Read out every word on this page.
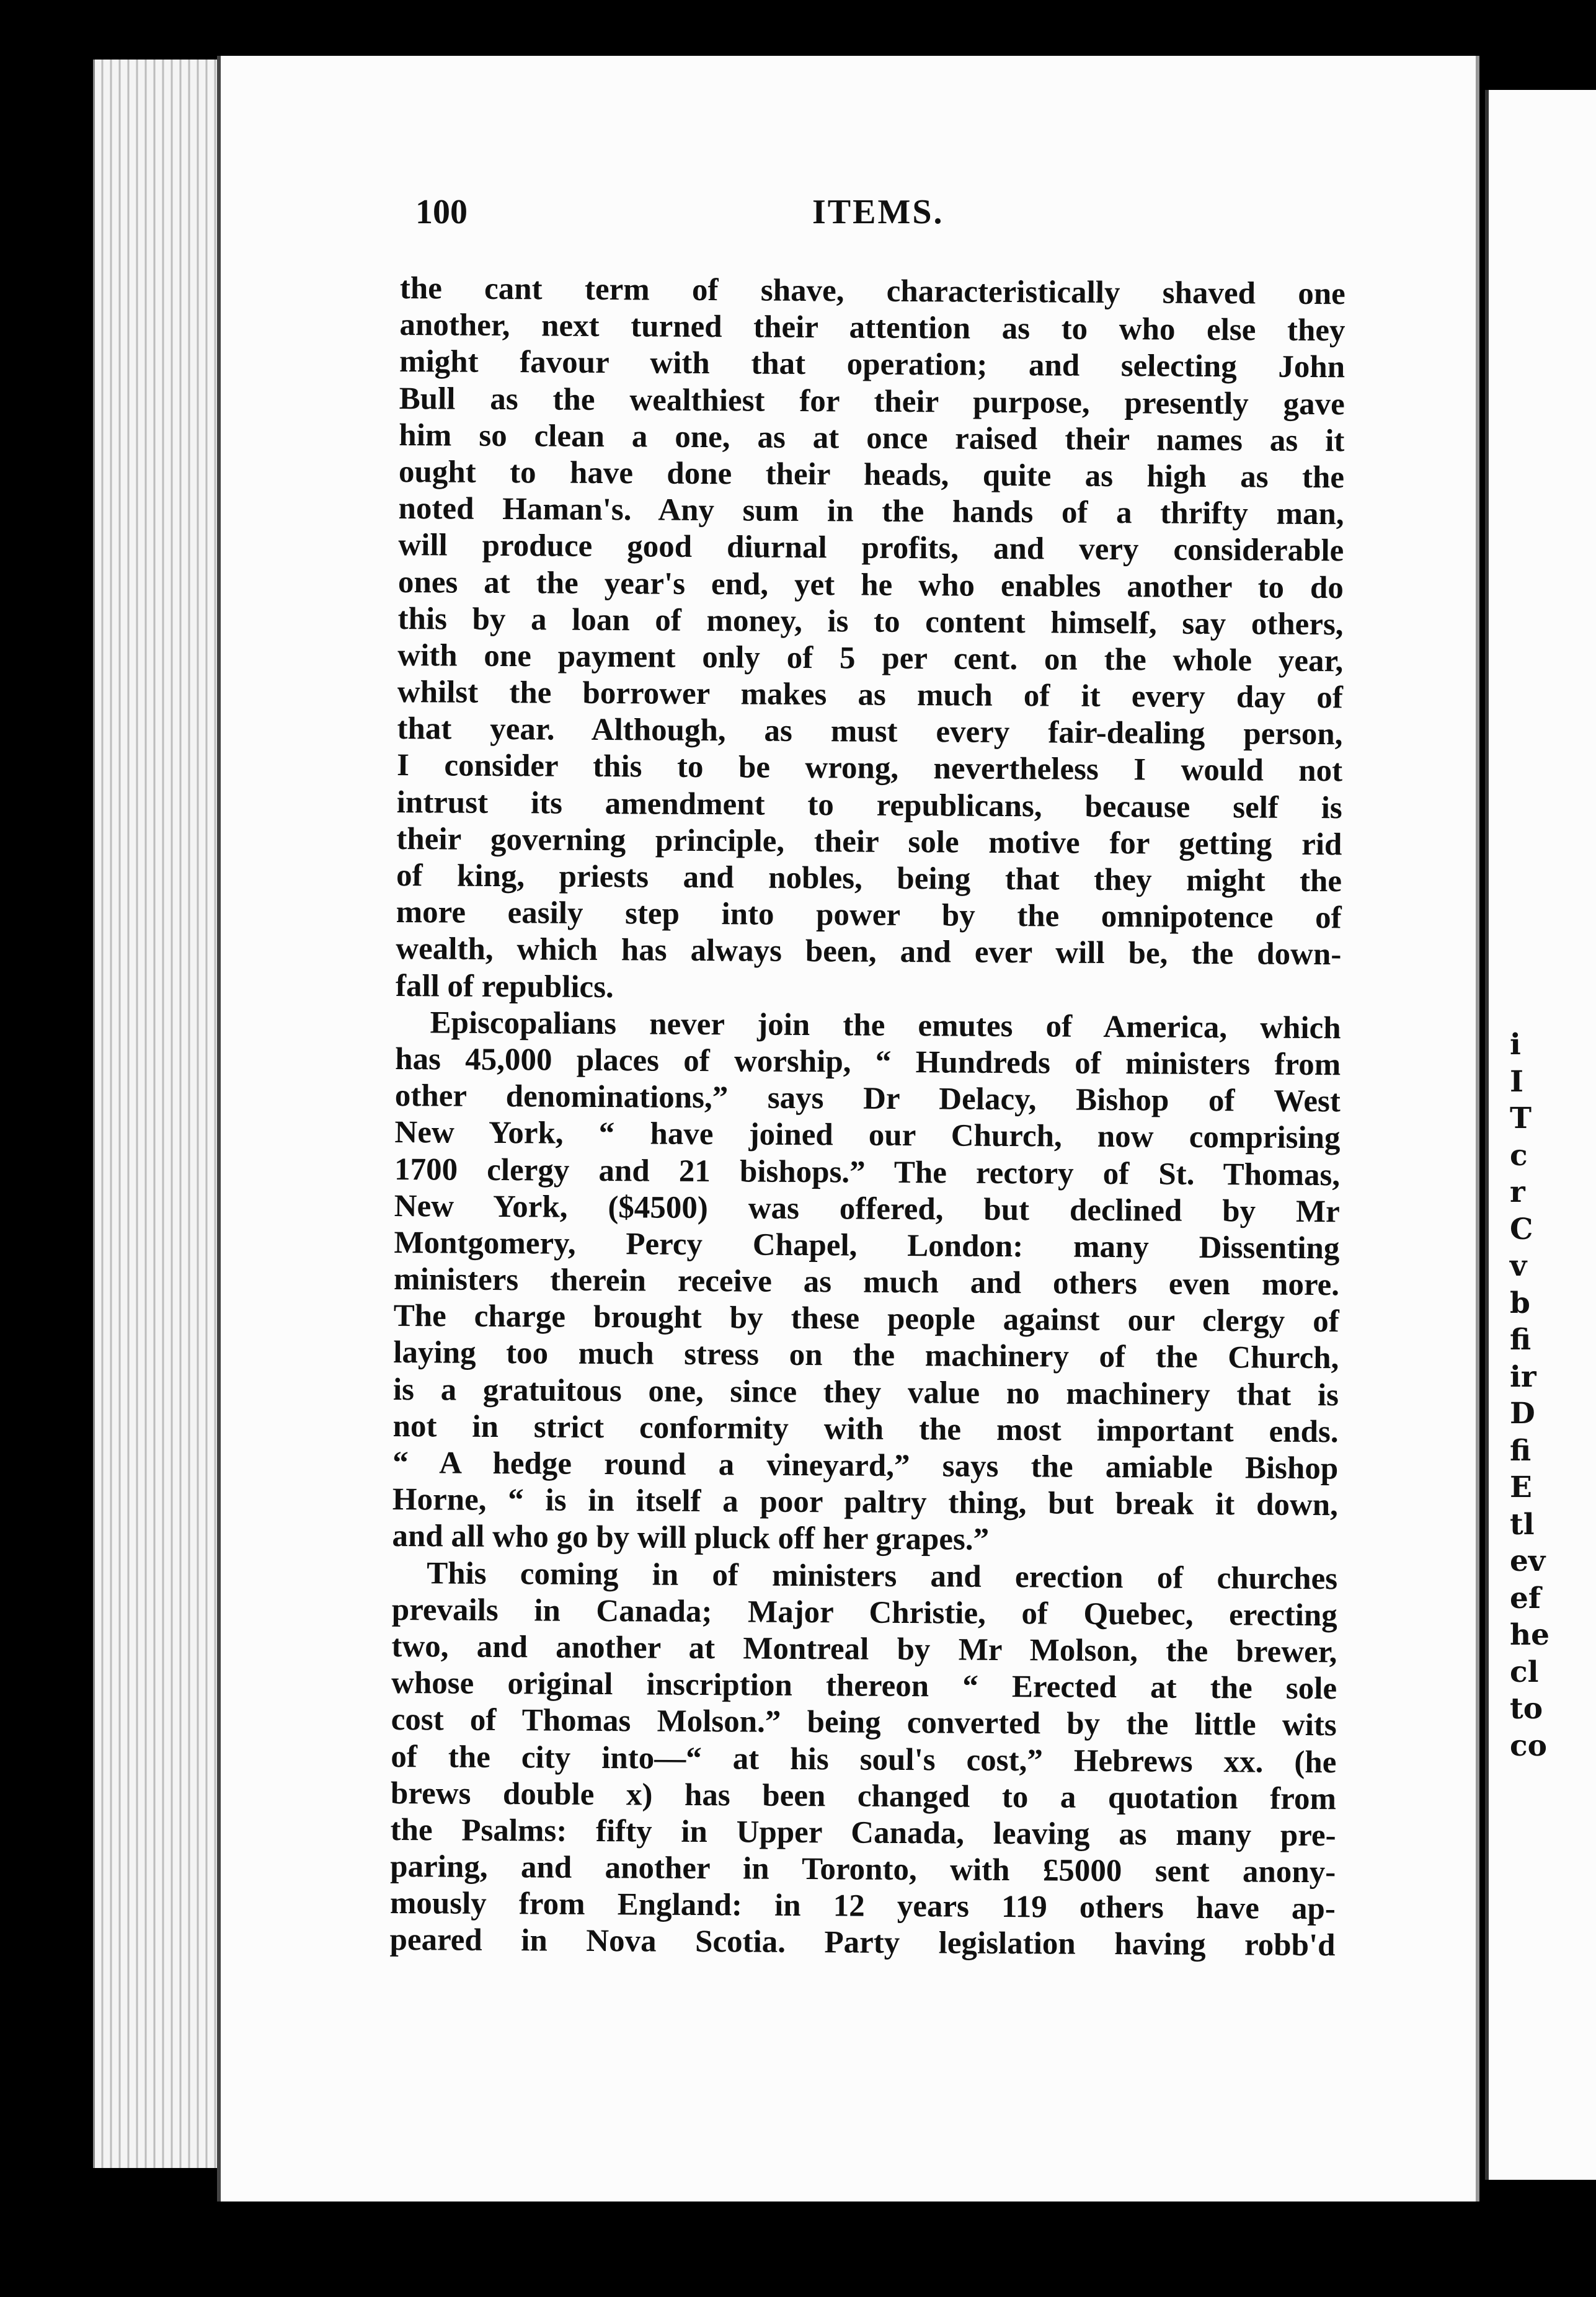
i
I
T
c
r
C
v
b
fi
ir
D
fi
E
tl
ev
ef
he
cl
to
co
100	ITEMS.
the cant term of shave, characteristically shaved one
another, next turned their attention as to who else they
might favour with that operation; and selecting John
Bull as the wealthiest for their purpose, presently gave
him so clean a one, as at once raised their names as it
ought to have done their heads, quite as high as the
noted Haman's. Any sum in the hands of a thrifty man,
will produce good diurnal profits, and very considerable
ones at the year's end, yet he who enables another to do
this by a loan of money, is to content himself, say others,
with one payment only of 5 per cent. on the whole year,
whilst the borrower makes as much of it every day of
that year. Although, as must every fair-dealing person,
I consider this to be wrong, nevertheless I would not
intrust its amendment to republicans, because self is
their governing principle, their sole motive for getting rid
of king, priests and nobles, being that they might the
more easily step into power by the omnipotence of
wealth, which has always been, and ever will be, the down-
fall of republics.
Episcopalians never join the emutes of America, which
has 45,000 places of worship, “ Hundreds of ministers from
other denominations,” says Dr Delacy, Bishop of West
New York, “ have joined our Church, now comprising
1700 clergy and 21 bishops.” The rectory of St. Thomas,
New York, ($4500) was offered, but declined by Mr
Montgomery, Percy Chapel, London: many Dissenting
ministers therein receive as much and others even more.
The charge brought by these people against our clergy of
laying too much stress on the machinery of the Church,
is a gratuitous one, since they value no machinery that is
not in strict conformity with the most important ends.
“ A hedge round a vineyard,” says the amiable Bishop
Horne, “ is in itself a poor paltry thing, but break it down,
and all who go by will pluck off her grapes.”
This coming in of ministers and erection of churches
prevails in Canada; Major Christie, of Quebec, erecting
two, and another at Montreal by Mr Molson, the brewer,
whose original inscription thereon “ Erected at the sole
cost of Thomas Molson.” being converted by the little wits
of the city into—“ at his soul's cost,” Hebrews xx. (he
brews double x) has been changed to a quotation from
the Psalms: fifty in Upper Canada, leaving as many pre-
paring, and another in Toronto, with £5000 sent anony-
mously from England: in 12 years 119 others have ap-
peared in Nova Scotia. Party legislation having robb'd
